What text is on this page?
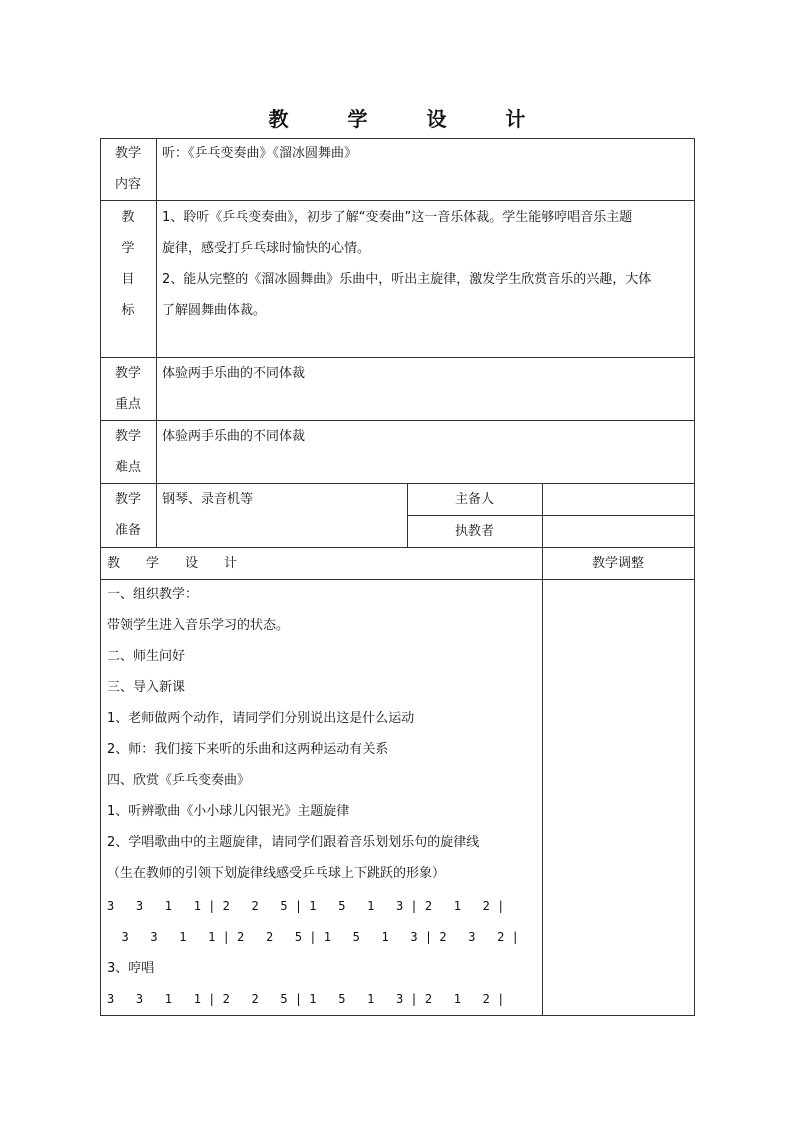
教 学 设 计
教学
内容
听：《乒乓变奏曲》《溜冰圆舞曲》
教
学
目
标
1、聆听《乒乓变奏曲》，初步了解“变奏曲”这一音乐体裁。学生能够哼唱音乐主题
旋律，感受打乒乓球时愉快的心情。
2、能从完整的《溜冰圆舞曲》乐曲中，听出主旋律，激发学生欣赏音乐的兴趣，大体
了解圆舞曲体裁。
教学
重点
体验两手乐曲的不同体裁
教学
难点
体验两手乐曲的不同体裁
教学
准备
钢琴、录音机等	主备人
执教者
教　　学　　设　　计	教学调整
一、组织教学：
带领学生进入音乐学习的状态。
二、师生问好
三、导入新课
1、老师做两个动作，请同学们分别说出这是什么运动
2、师：我们接下来听的乐曲和这两种运动有关系
四、欣赏《乒乓变奏曲》
1、听辨歌曲《小小球儿闪银光》主题旋律
2、学唱歌曲中的主题旋律，请同学们跟着音乐划划乐句的旋律线
（生在教师的引领下划旋律线感受乒乓球上下跳跃的形象）
3   3   1   1 | 2   2   5 | 1   5   1   3 | 2   1   2 |
3   3   1   1 | 2   2   5 | 1   5   1   3 | 2   3   2 |
3、哼唱
3   3   1   1 | 2   2   5 | 1   5   1   3 | 2   1   2 |
